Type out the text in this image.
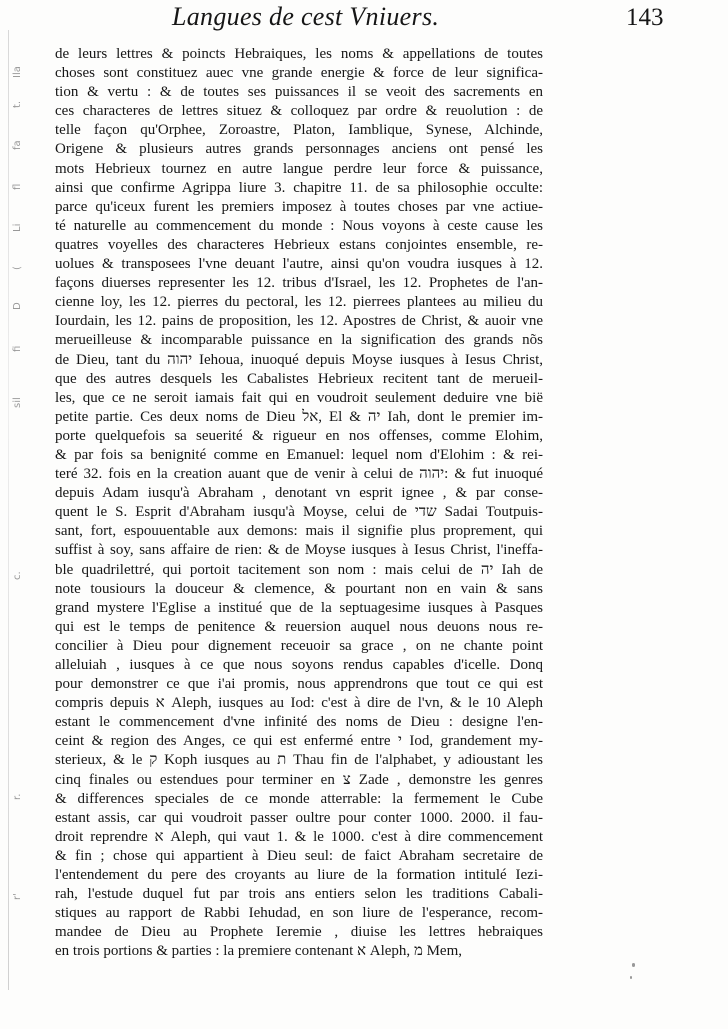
Ila
t.
fa
fl
Li
(
D
fi
sil
c.
r.
r'
Langues de cest Vniuers.	143
de leurs lettres & poincts Hebraiques, les noms & appellations de toutes
choses sont constituez auec vne grande energie & force de leur significa-
tion & vertu : & de toutes ses puissances il se veoit des sacrements en
ces characteres de lettres situez & colloquez par ordre & reuolution : de
telle façon qu'Orphee, Zoroastre, Platon, Iamblique, Synese, Alchinde,
Origene & plusieurs autres grands personnages anciens ont pensé les
mots Hebrieux tournez en autre langue perdre leur force & puissance,
ainsi que confirme Agrippa liure 3. chapitre 11. de sa philosophie occulte:
parce qu'iceux furent les premiers imposez à toutes choses par vne actiue-
té naturelle au commencement du monde : Nous voyons à ceste cause les
quatres voyelles des characteres Hebrieux estans conjointes ensemble, re-
uolues & transposees l'vne deuant l'autre, ainsi qu'on voudra iusques à 12.
façons diuerses representer les 12. tribus d'Israel, les 12. Prophetes de l'an-
cienne loy, les 12. pierres du pectoral, les 12. pierrees plantees au milieu du
Iourdain, les 12. pains de proposition, les 12. Apostres de Christ, & auoir vne
merueilleuse & incomparable puissance en la signification des grands nõs
de Dieu, tant du יהוה Iehoua, inuoqué depuis Moyse iusques à Iesus Christ,
que des autres desquels les Cabalistes Hebrieux recitent tant de merueil-
les, que ce ne seroit iamais fait qui en voudroit seulement deduire vne bië
petite partie. Ces deux noms de Dieu אל, El & יה Iah, dont le premier im-
porte quelquefois sa seuerité & rigueur en nos offenses, comme Elohim,
& par fois sa benignité comme en Emanuel: lequel nom d'Elohim : & rei-
teré 32. fois en la creation auant que de venir à celui de יהוה: & fut inuoqué
depuis Adam iusqu'à Abraham , denotant vn esprit ignee , & par conse-
quent le S. Esprit d'Abraham iusqu'à Moyse, celui de שדי Sadai Toutpuis-
sant, fort, espouuentable aux demons: mais il signifie plus proprement, qui
suffist à soy, sans affaire de rien: & de Moyse iusques à Iesus Christ, l'ineffa-
ble quadrilettré, qui portoit tacitement son nom : mais celui de יה Iah de
note tousiours la douceur & clemence, & pourtant non en vain & sans
grand mystere l'Eglise a institué que de la septuagesime iusques à Pasques
qui est le temps de penitence & reuersion auquel nous deuons nous re-
concilier à Dieu pour dignement receuoir sa grace , on ne chante point
alleluiah , iusques à ce que nous soyons rendus capables d'icelle. Donq
pour demonstrer ce que i'ai promis, nous apprendrons que tout ce qui est
compris depuis א Aleph, iusques au Iod: c'est à dire de l'vn, & le 10 Aleph
estant le commencement d'vne infinité des noms de Dieu : designe l'en-
ceint & region des Anges, ce qui est enfermé entre י Iod, grandement my-
sterieux, & le ק Koph iusques au ת Thau fin de l'alphabet, y adioustant les
cinq finales ou estendues pour terminer en צ Zade , demonstre les genres
& differences speciales de ce monde atterrable: la fermement le Cube
estant assis, car qui voudroit passer oultre pour conter 1000. 2000. il fau-
droit reprendre א Aleph, qui vaut 1. & le 1000. c'est à dire commencement
& fin ; chose qui appartient à Dieu seul: de faict Abraham secretaire de
l'entendement du pere des croyants au liure de la formation intitulé Iezi-
rah, l'estude duquel fut par trois ans entiers selon les traditions Cabali-
stiques au rapport de Rabbi Iehudad, en son liure de l'esperance, recom-
mandee de Dieu au Prophete Ieremie , diuise les lettres hebraiques
en trois portions & parties : la premiere contenant א Aleph, מ Mem,
